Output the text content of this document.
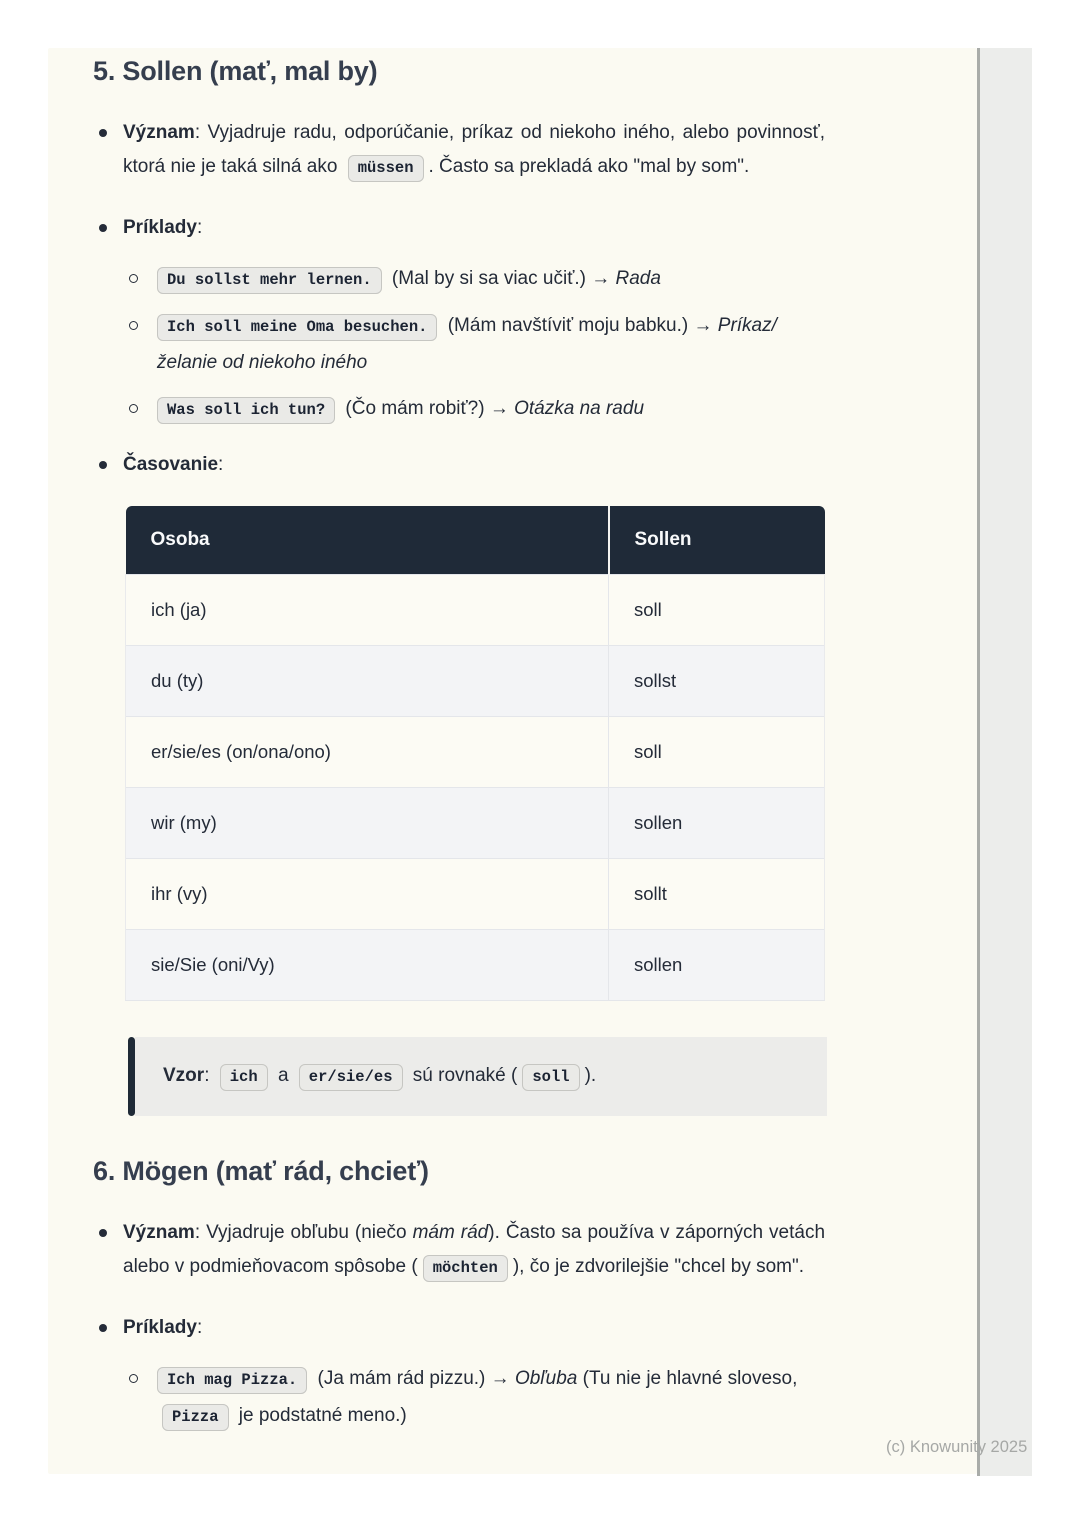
5. Sollen (mať, mal by)
Význam: Vyjadruje radu, odporúčanie, príkaz od niekoho iného, alebo povinnosť, ktorá nie je taká silná ako müssen . Často sa prekladá ako "mal by som".
Príklady:
Du sollst mehr lernen. (Mal by si sa viac učiť.) → Rada
Ich soll meine Oma besuchen. (Mám navštíviť moju babku.) → Príkaz/želanie od niekoho iného
Was soll ich tun? (Čo mám robiť?) → Otázka na radu
Časovanie:
Osoba	Sollen
ich (ja)	soll
du (ty)	sollst
er/sie/es (on/ona/ono)	soll
wir (my)	sollen
ihr (vy)	sollt
sie/Sie (oni/Vy)	sollen
Vzor: ich a er/sie/es sú rovnaké ( soll ).
6. Mögen (mať rád, chcieť)
Význam: Vyjadruje obľubu (niečo mám rád). Často sa používa v záporných vetách alebo v podmieňovacom spôsobe ( möchten ), čo je zdvorilejšie "chcel by som".
Príklady:
Ich mag Pizza. (Ja mám rád pizzu.) → Obľuba (Tu nie je hlavné sloveso, Pizza je podstatné meno.)
(c) Knowunity 2025
